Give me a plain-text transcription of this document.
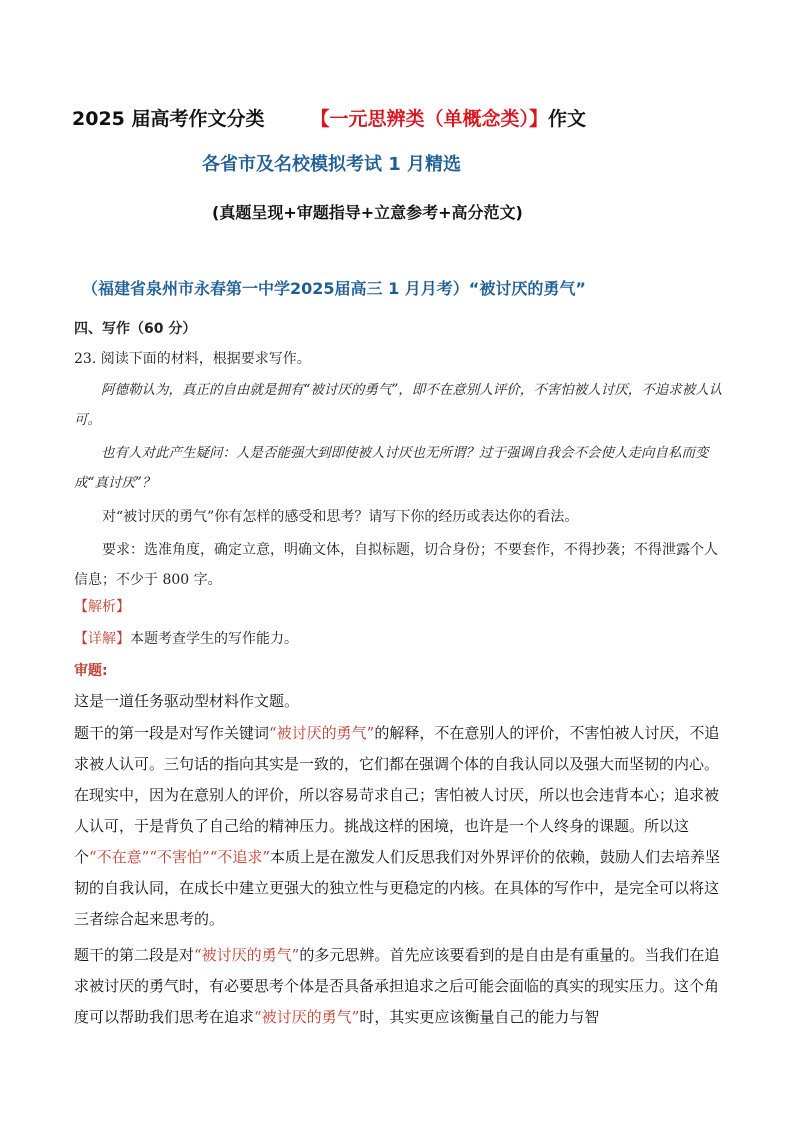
2025 届高考作文分类 【一元思辨类（单概念类）】作文
各省市及名校模拟考试 1 月精选
(真题呈现+审题指导+立意参考+高分范文)
（福建省泉州市永春第一中学2025届高三 1 月月考）“被讨厌的勇气”
四、写作（60 分）
23. 阅读下面的材料，根据要求写作。
阿德勒认为，真正的自由就是拥有“被讨厌的勇气”，即不在意别人评价，不害怕被人讨厌，不追求被人认可。
也有人对此产生疑问：人是否能强大到即使被人讨厌也无所谓？过于强调自我会不会使人走向自私而变成“真讨厌”？
对“被讨厌的勇气”你有怎样的感受和思考？请写下你的经历或表达你的看法。
要求：选准角度，确定立意，明确文体，自拟标题，切合身份；不要套作，不得抄袭；不得泄露个人信息；不少于 800 字。
【解析】
【详解】本题考查学生的写作能力。
审题:
这是一道任务驱动型材料作文题。
题干的第一段是对写作关键词“被讨厌的勇气”的解释，不在意别人的评价，不害怕被人讨厌，不追求被人认可。三句话的指向其实是一致的，它们都在强调个体的自我认同以及强大而坚韧的内心。在现实中，因为在意别人的评价，所以容易苛求自己；害怕被人讨厌，所以也会违背本心；追求被人认可，于是背负了自己给的精神压力。挑战这样的困境，也许是一个人终身的课题。所以这个“不在意”“不害怕”“不追求”本质上是在激发人们反思我们对外界评价的依赖，鼓励人们去培养坚韧的自我认同，在成长中建立更强大的独立性与更稳定的内核。在具体的写作中，是完全可以将这三者综合起来思考的。
题干的第二段是对“被讨厌的勇气”的多元思辨。首先应该要看到的是自由是有重量的。当我们在追求被讨厌的勇气时，有必要思考个体是否具备承担追求之后可能会面临的真实的现实压力。这个角度可以帮助我们思考在追求“被讨厌的勇气”时，其实更应该衡量自己的能力与智
